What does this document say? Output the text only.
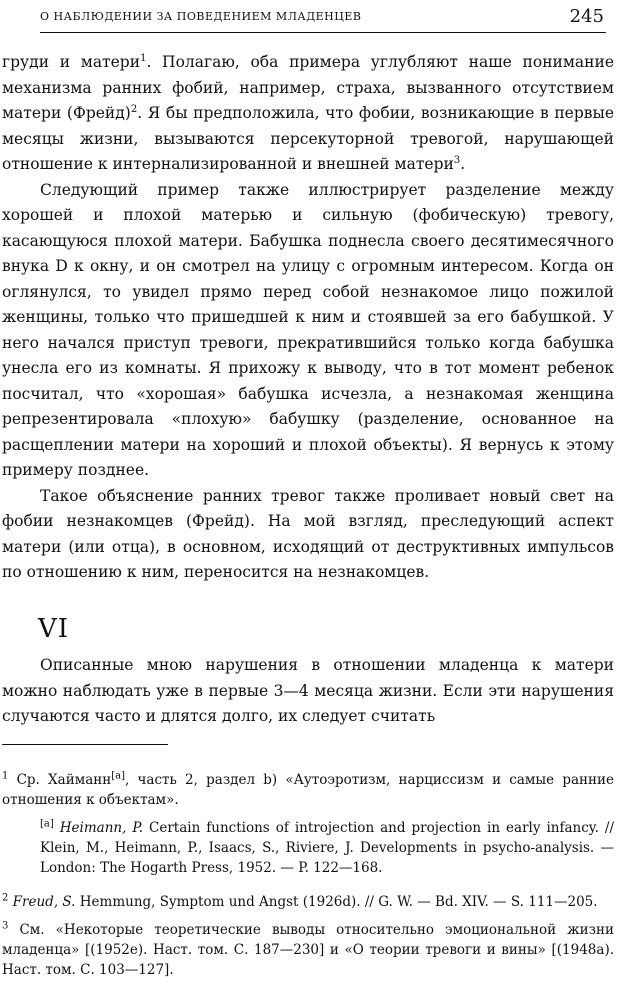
О НАБЛЮДЕНИИ ЗА ПОВЕДЕНИЕМ МЛАДЕНЦЕВ	245

груди и матери$^1$. Полагаю, оба примера углубляют наше понимание механизма ранних фобий, например, страха, вызванного отсутствием матери (Фрейд)$^2$. Я бы предположила, что фобии, возникающие в первые месяцы жизни, вызываются персекуторной тревогой, нарушающей отношение к интернализированной и внешней матери$^3$.

Следующий пример также иллюстрирует разделение между хорошей и плохой матерью и сильную (фобическую) тревогу, касающуюся плохой матери. Бабушка поднесла своего десятимесячного внука D к окну, и он смотрел на улицу с огромным интересом. Когда он оглянулся, то увидел прямо перед собой незнакомое лицо пожилой женщины, только что пришедшей к ним и стоявшей за его бабушкой. У него начался приступ тревоги, прекратившийся только когда бабушка унесла его из комнаты. Я прихожу к выводу, что в тот момент ребенок посчитал, что «хорошая» бабушка исчезла, а незнакомая женщина репрезентировала «плохую» бабушку (разделение, основанное на расщеплении матери на хороший и плохой объекты). Я вернусь к этому примеру позднее.

Такое объяснение ранних тревог также проливает новый свет на фобии незнакомцев (Фрейд). На мой взгляд, преследующий аспект матери (или отца), в основном, исходящий от деструктивных импульсов по отношению к ним, переносится на незнакомцев.

VI

Описанные мною нарушения в отношении младенца к матери можно наблюдать уже в первые 3—4 месяца жизни. Если эти нарушения случаются часто и длятся долго, их следует считать

$^1$ Ср. Хайманн[a], часть 2, раздел b) «Аутоэротизм, нарциссизм и самые ранние отношения к объектам».

[a] Heimann, P. Certain functions of introjection and projection in early infancy. // Klein, M., Heimann, P., Isaacs, S., Riviere, J. Developments in psycho-analysis. — London: The Hogarth Press, 1952. — P. 122—168.

$^2$ Freud, S. Hemmung, Symptom und Angst (1926d). // G. W. — Bd. XIV. — S. 111—205.

$^3$ См. «Некоторые теоретические выводы относительно эмоциональной жизни младенца» [(1952e). Наст. том. С. 187—230] и «О теории тревоги и вины» [(1948a). Наст. том. С. 103—127].
